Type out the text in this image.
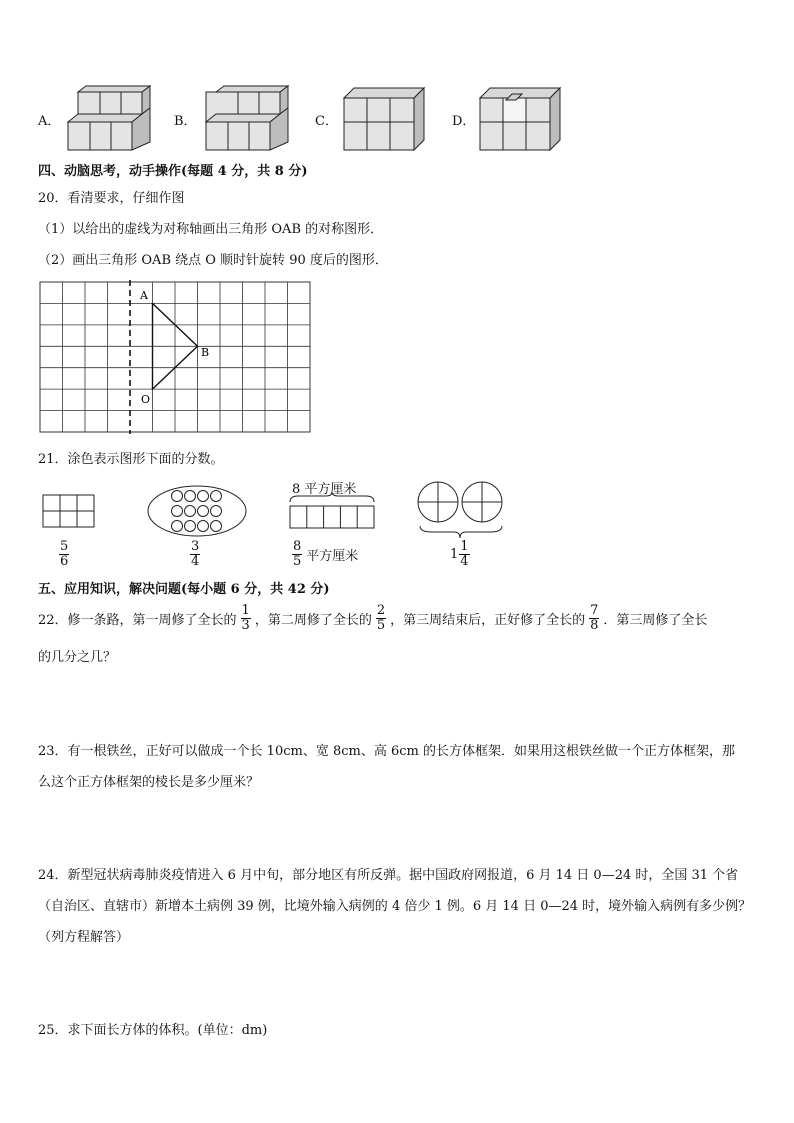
A．	B．	C．	D．
四、动脑思考，动手操作(每题 4 分，共 8 分)
20．看清要求，仔细作图
（1）以给出的虚线为对称轴画出三角形 OAB 的对称图形．
（2）画出三角形 OAB 绕点 O 顺时针旋转 90 度后的图形．
A
B
O
21．涂色表示图形下面的分数。
$\frac{5}{6}$	$\frac{3}{4}$
8 平方厘米
$\frac{8}{5}$ 平方厘米	$1 \frac{1}{4}$
五、应用知识，解决问题(每小题 6 分，共 42 分)
22．修一条路，第一周修了全长的 $\frac{1}{3}$ ，第二周修了全长的 $\frac{2}{5}$ ，第三周结束后，正好修了全长的 $\frac{7}{8}$ ．第三周修了全长
的几分之几？
23．有一根铁丝，正好可以做成一个长 10cm、宽 8cm、高 6cm 的长方体框架．如果用这根铁丝做一个正方体框架，那
么这个正方体框架的棱长是多少厘米？
24．新型冠状病毒肺炎疫情进入 6 月中旬，部分地区有所反弹。据中国政府网报道，6 月 14 日 0—24 时，全国 31 个省
（自治区、直辖市）新增本土病例 39 例，比境外输入病例的 4 倍少 1 例。6 月 14 日 0—24 时，境外输入病例有多少例？
（列方程解答）
25．求下面长方体的体积。(单位：dm)
